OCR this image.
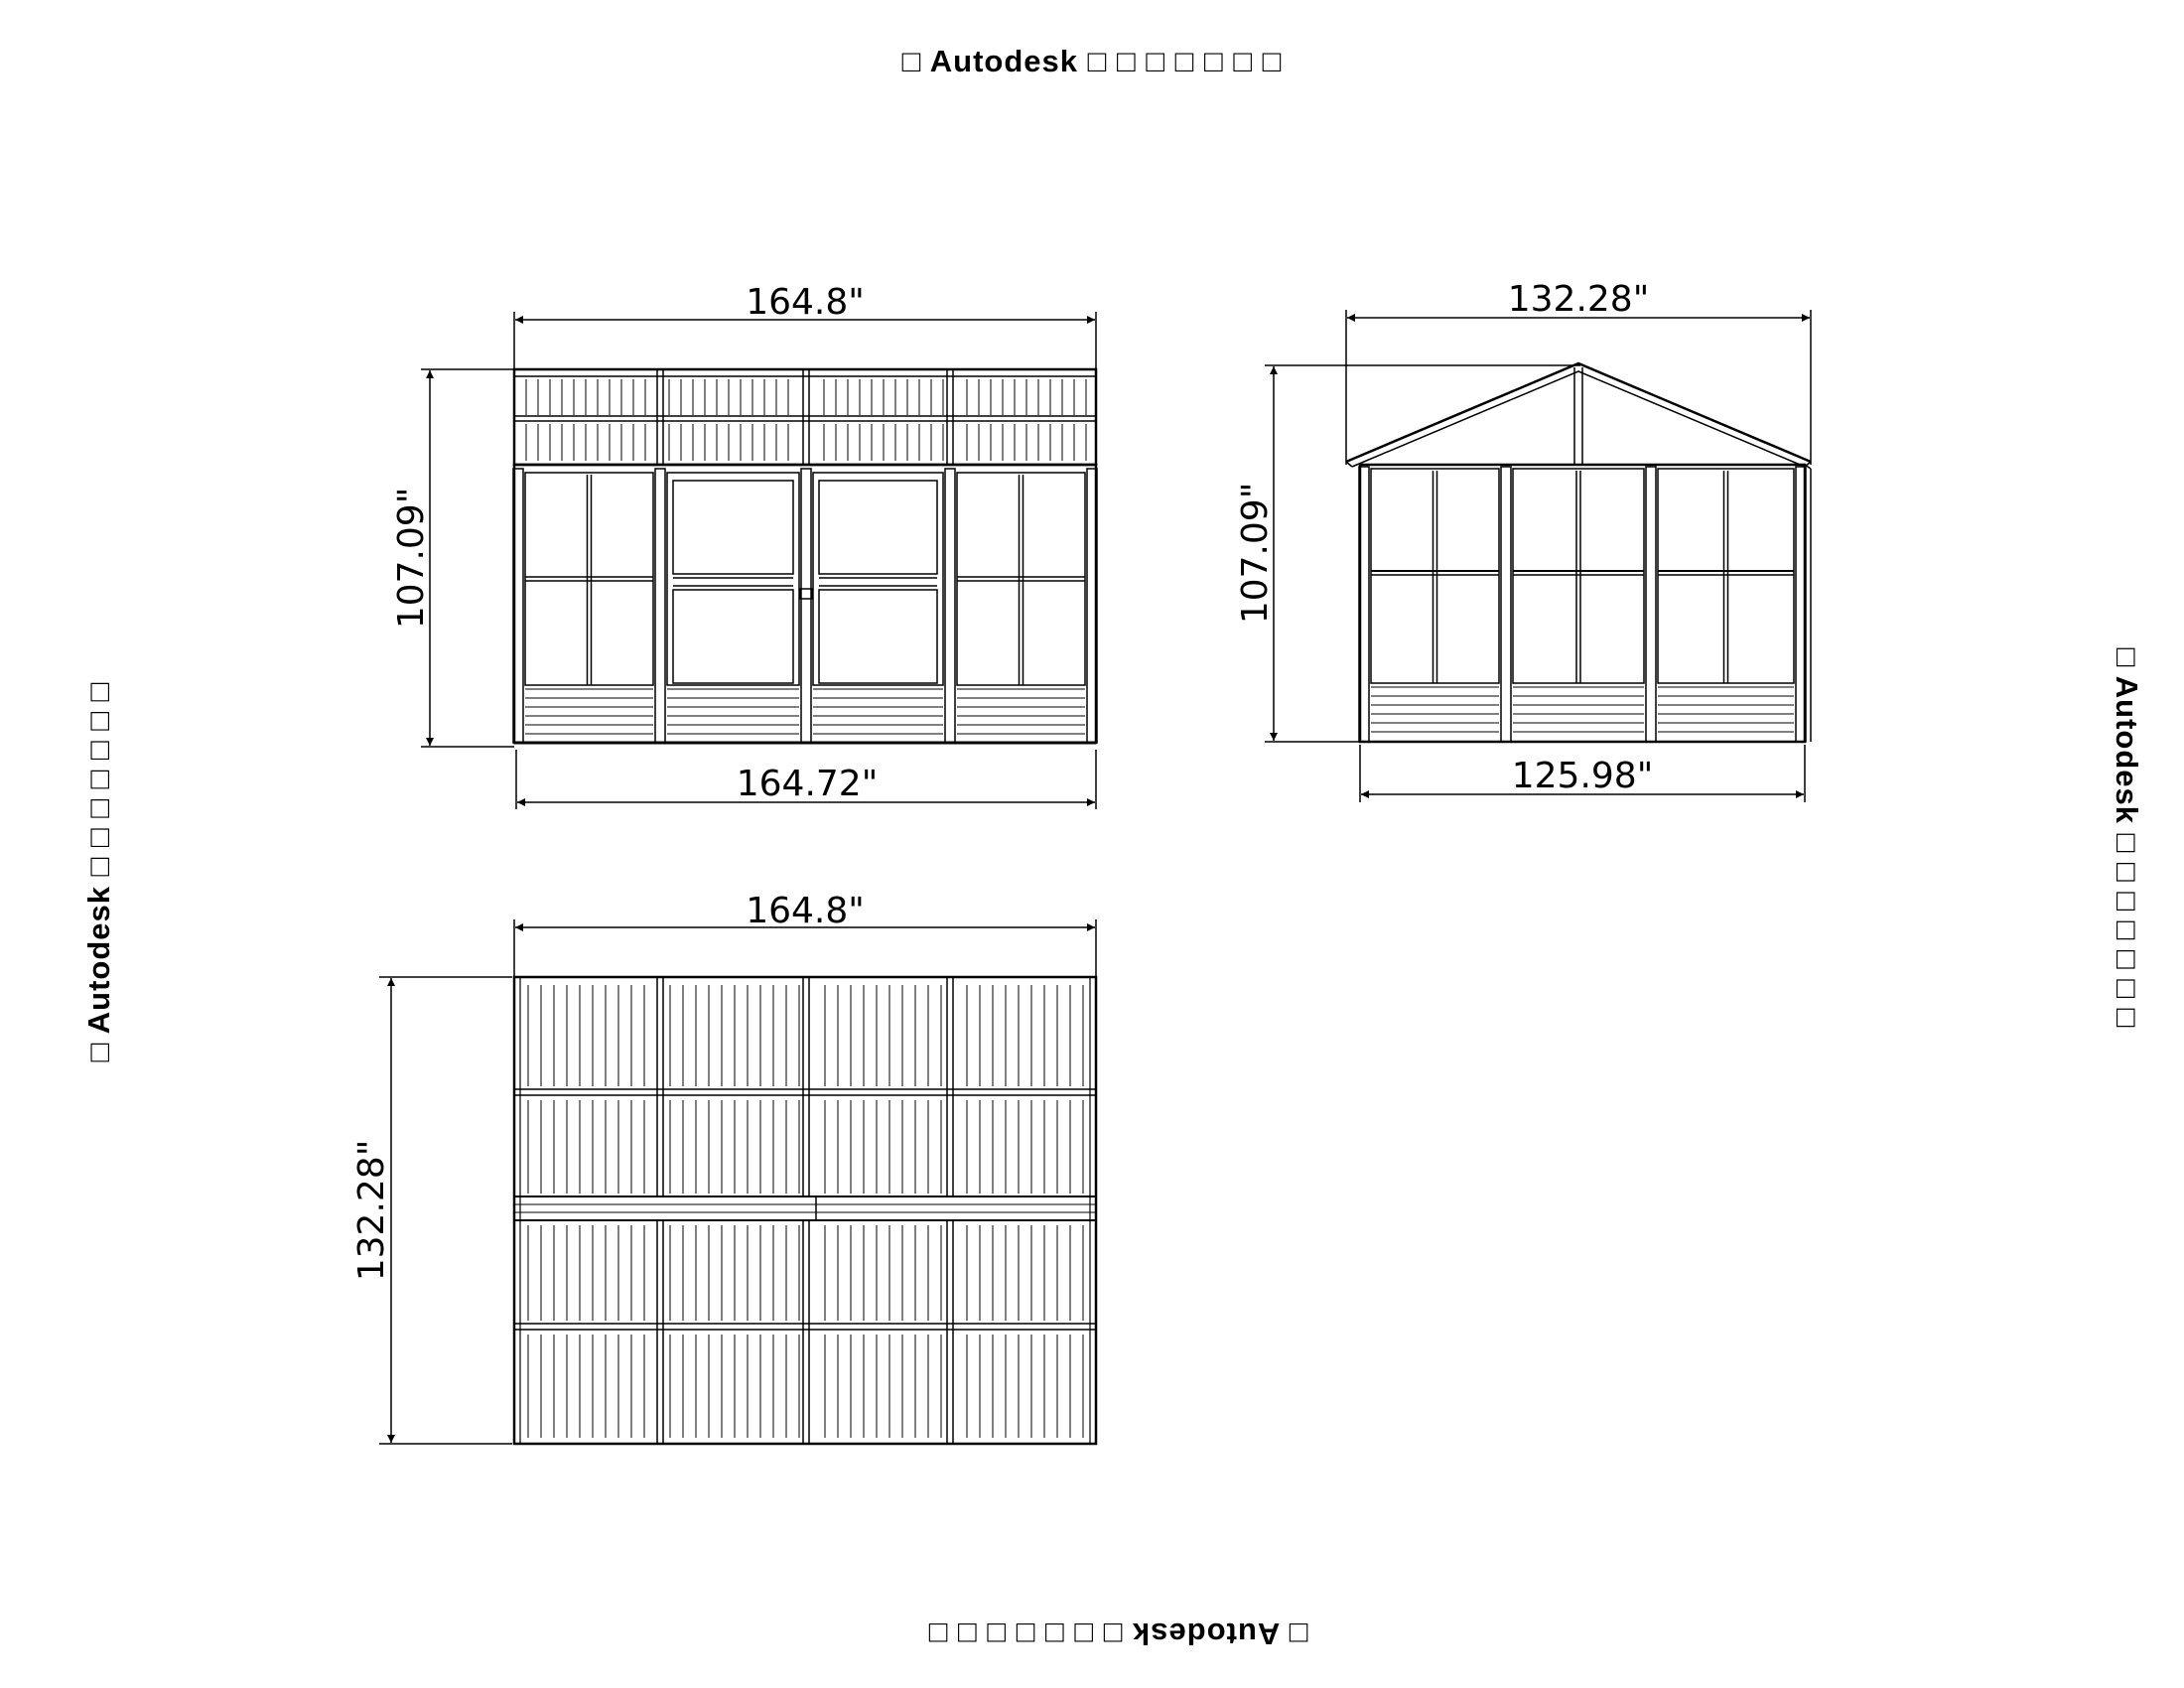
□ Autodesk □ □ □ □ □ □ □
□ Autodesk □ □ □ □ □ □ □
□ Autodesk □ □ □ □ □ □ □	□ Autodesk □ □ □ □ □ □ □
164.8"
164.72"
107.09"
132.28"
125.98"
107.09"
164.8"
132.28"
